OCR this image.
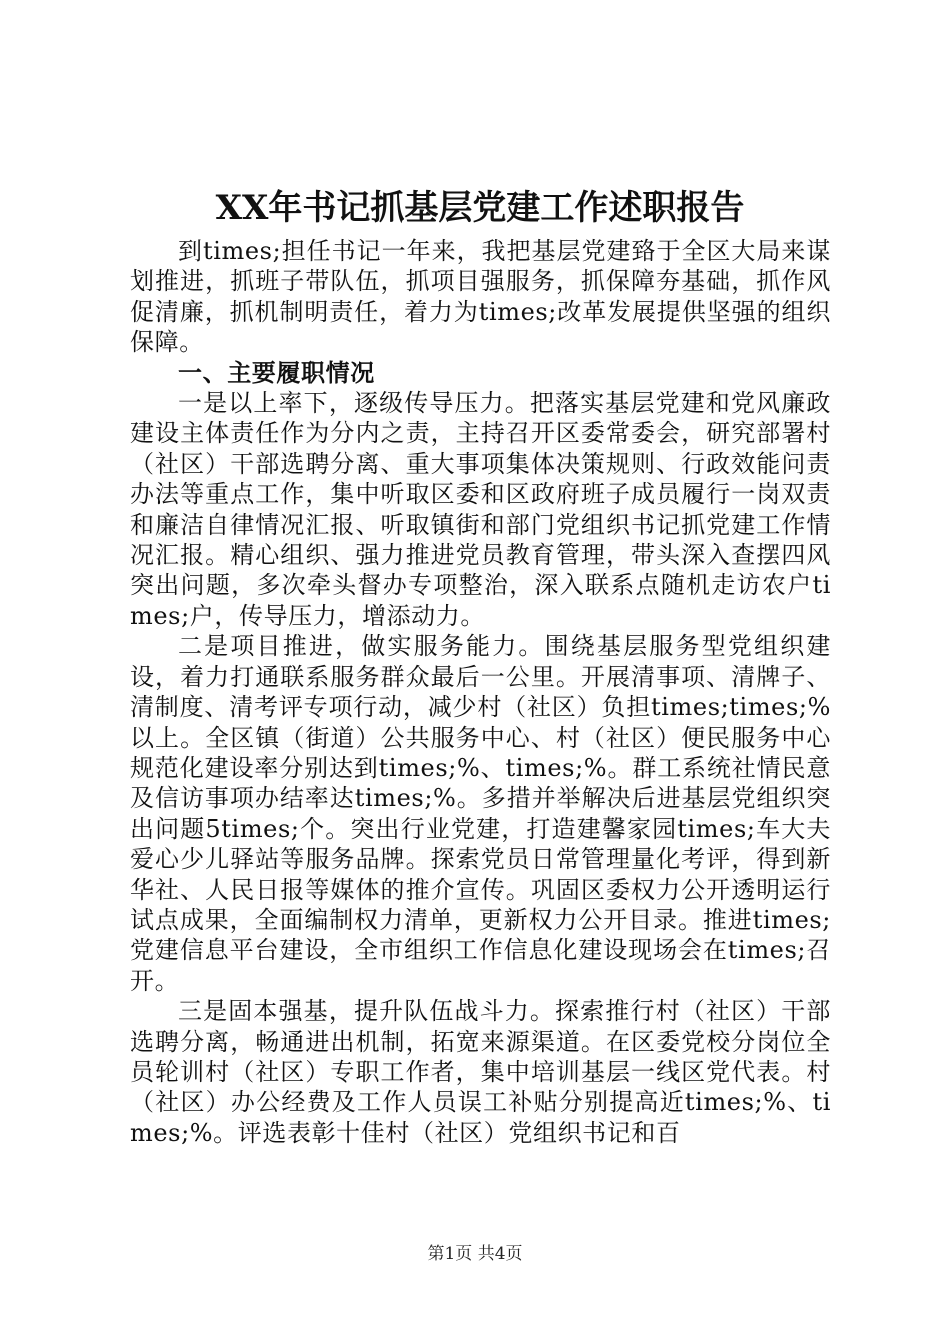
XX年书记抓基层党建工作述职报告

到times;担任书记一年来，我把基层党建臵于全区大局来谋划推进，抓班子带队伍，抓项目强服务，抓保障夯基础，抓作风促清廉，抓机制明责任，着力为times;改革发展提供坚强的组织保障。

一、主要履职情况

一是以上率下，逐级传导压力。把落实基层党建和党风廉政建设主体责任作为分内之责，主持召开区委常委会，研究部署村（社区）干部选聘分离、重大事项集体决策规则、行政效能问责办法等重点工作，集中听取区委和区政府班子成员履行一岗双责和廉洁自律情况汇报、听取镇街和部门党组织书记抓党建工作情况汇报。精心组织、强力推进党员教育管理，带头深入查摆四风突出问题，多次牵头督办专项整治，深入联系点随机走访农户times;户，传导压力，增添动力。

二是项目推进，做实服务能力。围绕基层服务型党组织建设，着力打通联系服务群众最后一公里。开展清事项、清牌子、清制度、清考评专项行动，减少村（社区）负担times;times;%以上。全区镇（街道）公共服务中心、村（社区）便民服务中心规范化建设率分别达到times;%、times;%。群工系统社情民意及信访事项办结率达times;%。多措并举解决后进基层党组织突出问题5times;个。突出行业党建，打造建馨家园times;车大夫爱心少儿驿站等服务品牌。探索党员日常管理量化考评，得到新华社、人民日报等媒体的推介宣传。巩固区委权力公开透明运行试点成果，全面编制权力清单，更新权力公开目录。推进times;党建信息平台建设，全市组织工作信息化建设现场会在times;召开。

三是固本强基，提升队伍战斗力。探索推行村（社区）干部选聘分离，畅通进出机制，拓宽来源渠道。在区委党校分岗位全员轮训村（社区）专职工作者，集中培训基层一线区党代表。村（社区）办公经费及工作人员误工补贴分别提高近times;%、times;%。评选表彰十佳村（社区）党组织书记和百

第1页 共4页
